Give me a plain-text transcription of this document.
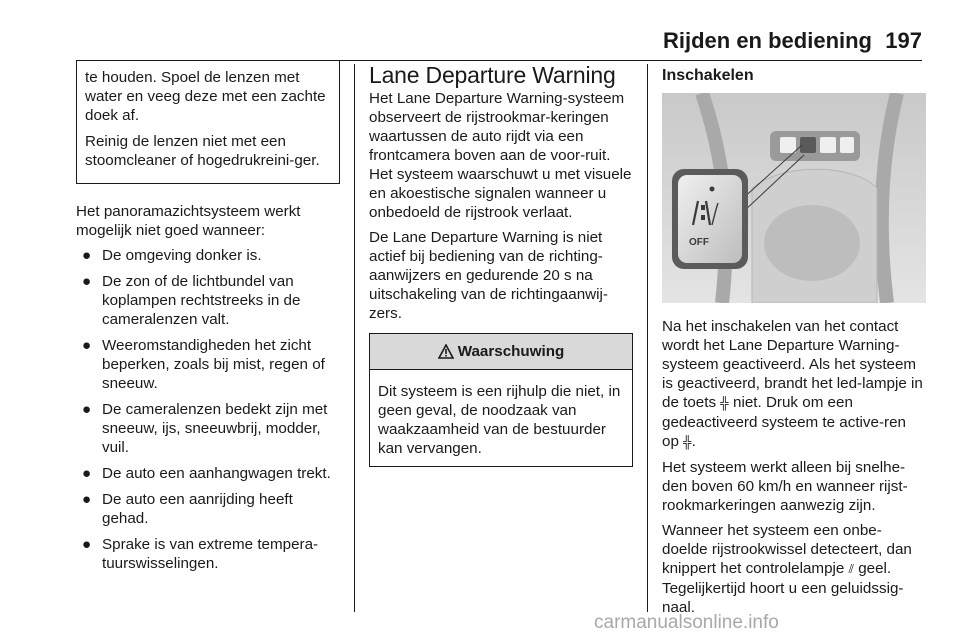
Rijden en bediening 197

te houden. Spoel de lenzen met water en veeg deze met een zachte doek af.

Reinig de lenzen niet met een stoomcleaner of hogedrukreini-ger.

Het panoramazichtsysteem werkt mogelijk niet goed wanneer:

● De omgeving donker is.
● De zon of de lichtbundel van koplampen rechtstreeks in de cameralenzen valt.
● Weeromstandigheden het zicht beperken, zoals bij mist, regen of sneeuw.
● De cameralenzen bedekt zijn met sneeuw, ijs, sneeuwbrij, modder, vuil.
● De auto een aanhangwagen trekt.
● De auto een aanrijding heeft gehad.
● Sprake is van extreme tempera-tuurswisselingen.
Lane Departure Warning

Het Lane Departure Warning-systeem observeert de rijstrookmar-keringen waartussen de auto rijdt via een frontcamera boven aan de voor-ruit. Het systeem waarschuwt u met visuele en akoestische signalen wanneer u onbedoeld de rijstrook verlaat.

De Lane Departure Warning is niet actief bij bediening van de richting-aanwijzers en gedurende 20 s na uitschakeling van de richtingaanwij-zers.

Waarschuwing
Dit systeem is een rijhulp die niet, in geen geval, de noodzaak van waakzaamheid van de bestuurder kan vervangen.
Inschakelen
OFF

Na het inschakelen van het contact wordt het Lane Departure Warning-systeem geactiveerd. Als het systeem is geactiveerd, brandt het led-lampje in de toets ╬ niet. Druk om een gedeactiveerd systeem te active-ren op ╬.

Het systeem werkt alleen bij snelhe-den boven 60 km/h en wanneer rijst-rookmarkeringen aanwezig zijn.

Wanneer het systeem een onbe-doelde rijstrookwissel detecteert, dan knippert het controlelampje ⫽ geel. Tegelijkertijd hoort u een geluidssig-naal.

carmanualsonline.info
